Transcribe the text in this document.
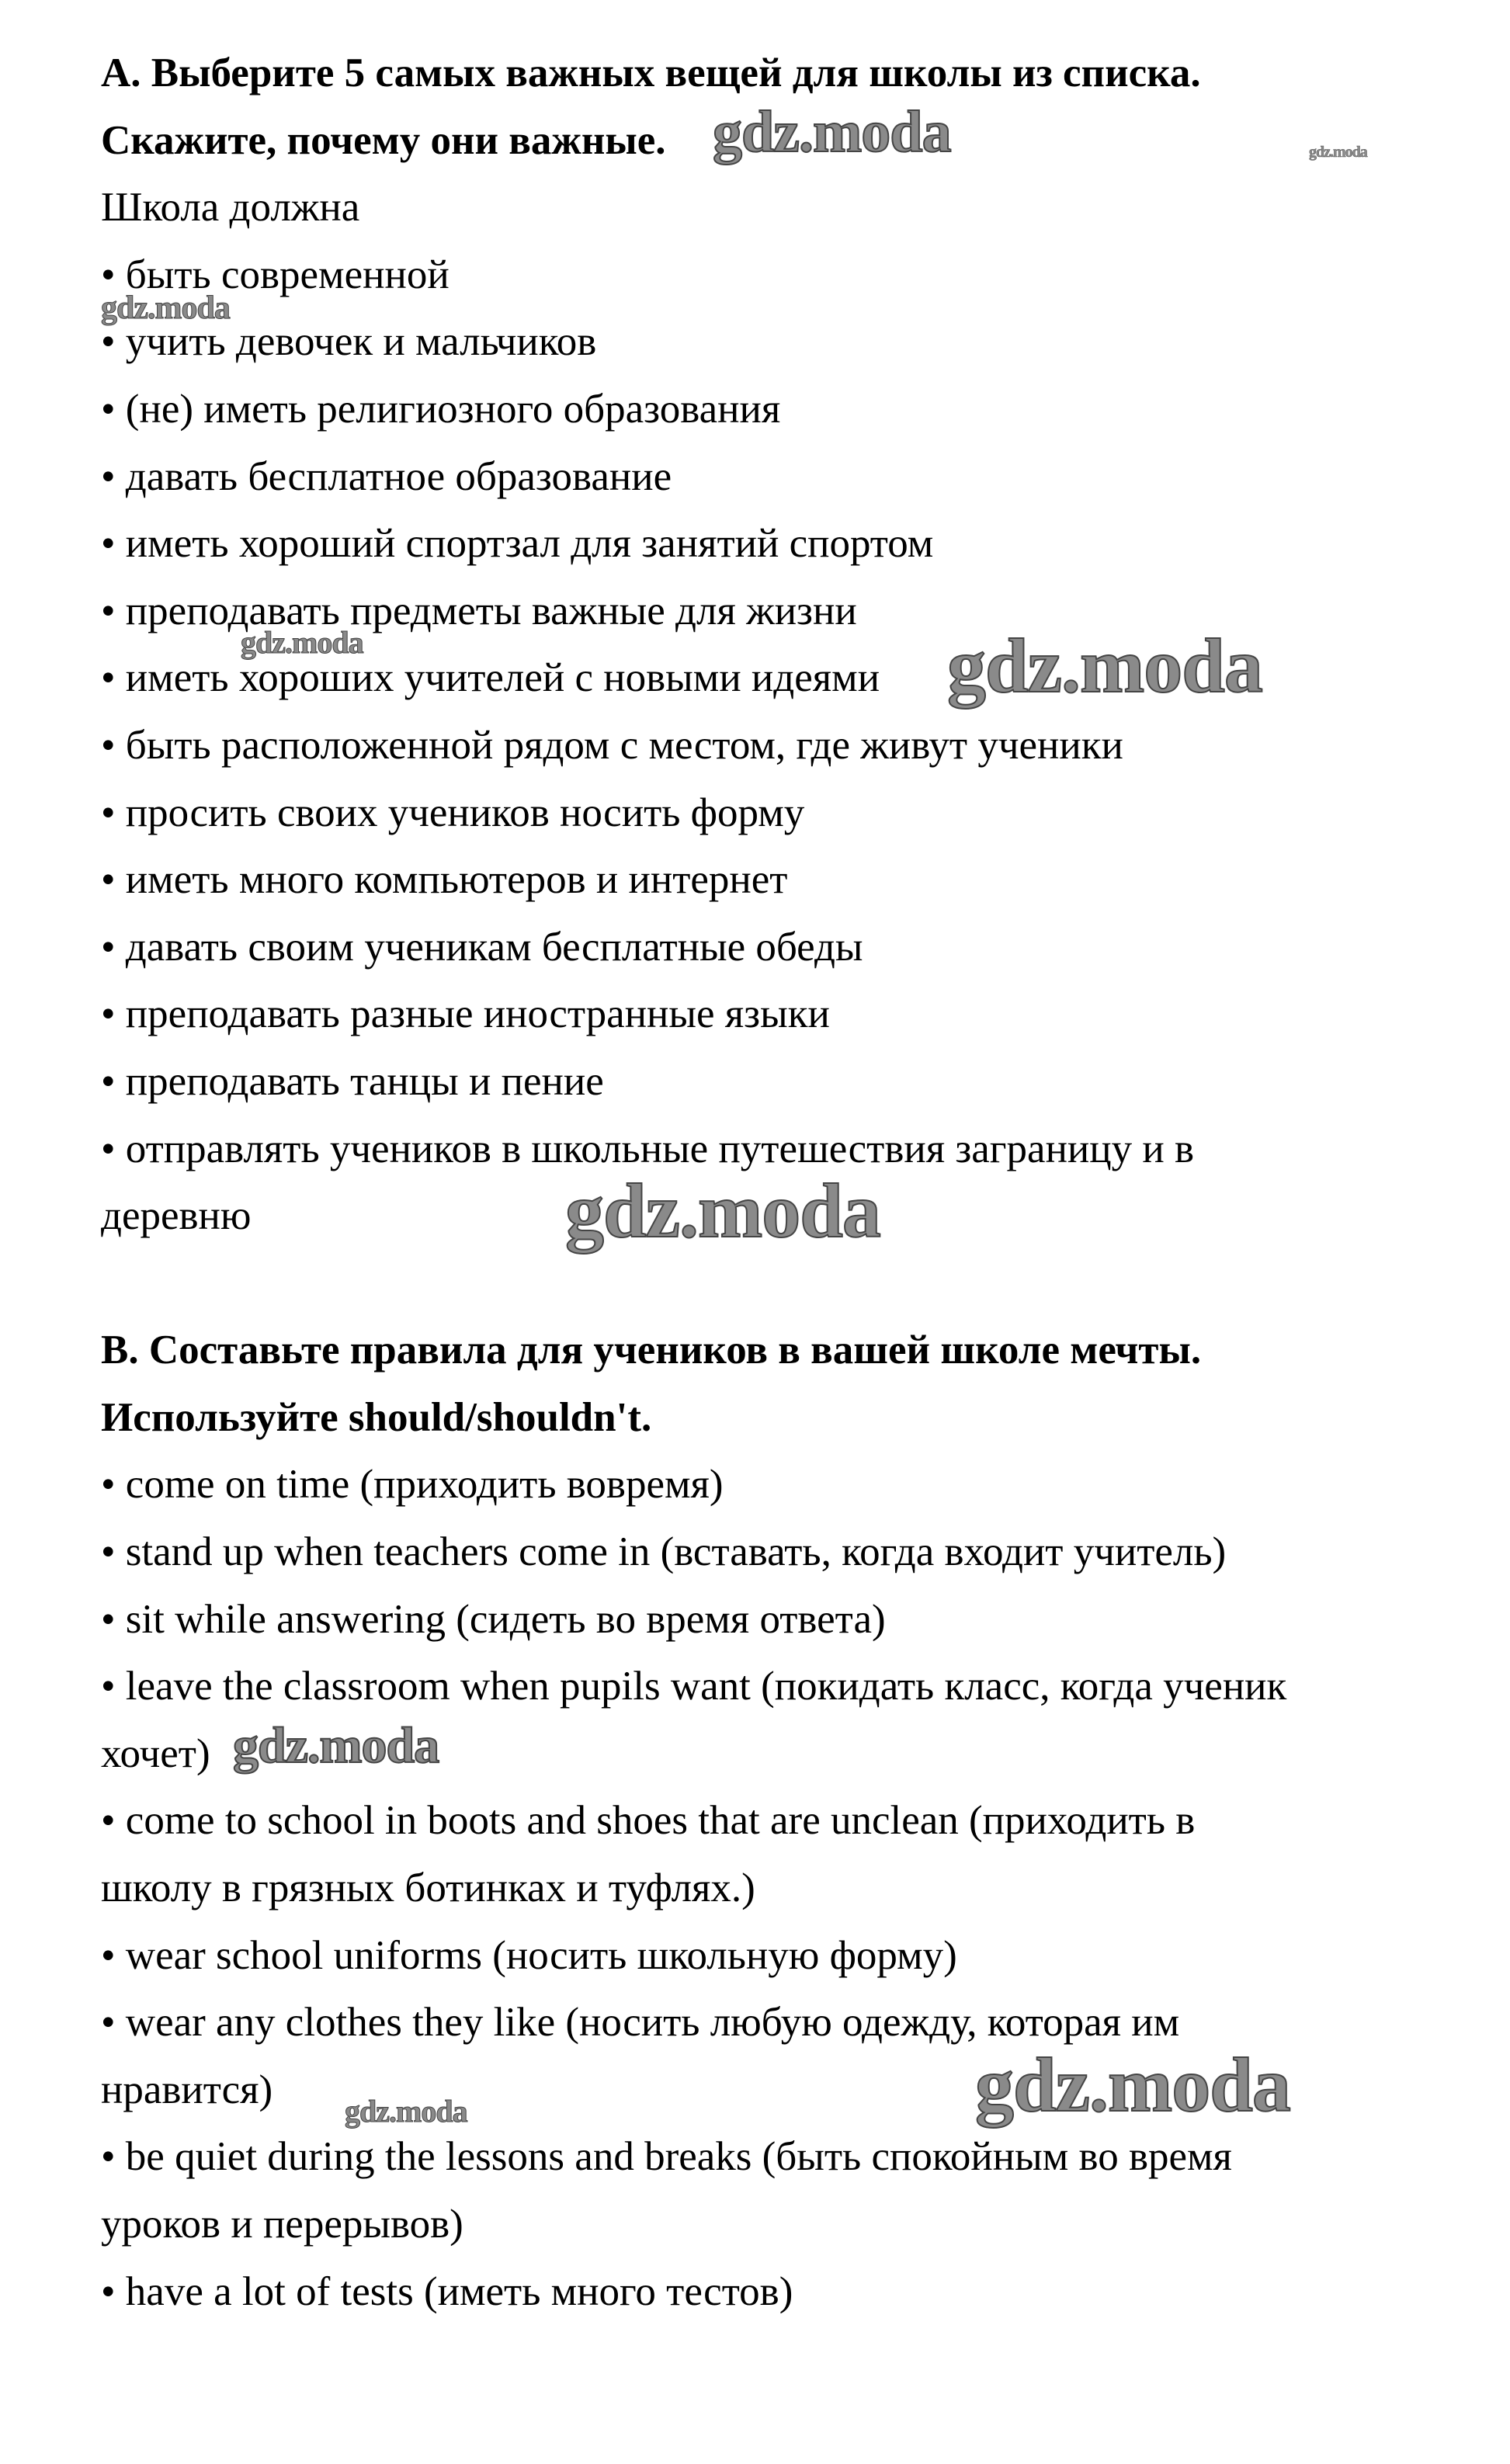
A. Выберите 5 самых важных вещей для школы из списка.
Скажите, почему они важные.
Школа должна
• быть современной
• учить девочек и мальчиков
• (не) иметь религиозного образования
• давать бесплатное образование
• иметь хороший спортзал для занятий спортом
• преподавать предметы важные для жизни
• иметь хороших учителей с новыми идеями
• быть расположенной рядом с местом, где живут ученики
• просить своих учеников носить форму
• иметь много компьютеров и интернет
• давать своим ученикам бесплатные обеды
• преподавать разные иностранные языки
• преподавать танцы и пение
• отправлять учеников в школьные путешествия заграницу и в
деревню
B. Составьте правила для учеников в вашей школе мечты.
Используйте should/shouldn't.
• come on time (приходить вовремя)
• stand up when teachers come in (вставать, когда входит учитель)
• sit while answering (сидеть во время ответа)
• leave the classroom when pupils want (покидать класс, когда ученик
хочет)
• come to school in boots and shoes that are unclean (приходить в
школу в грязных ботинках и туфлях.)
• wear school uniforms (носить школьную форму)
• wear any clothes they like (носить любую одежду, которая им
нравится)
• be quiet during the lessons and breaks (быть спокойным во время
уроков и перерывов)
• have a lot of tests (иметь много тестов)
gdz.moda	gdz.moda
gdz.moda
gdz.moda	gdz.moda
gdz.moda
gdz.moda
gdz.moda
gdz.moda
